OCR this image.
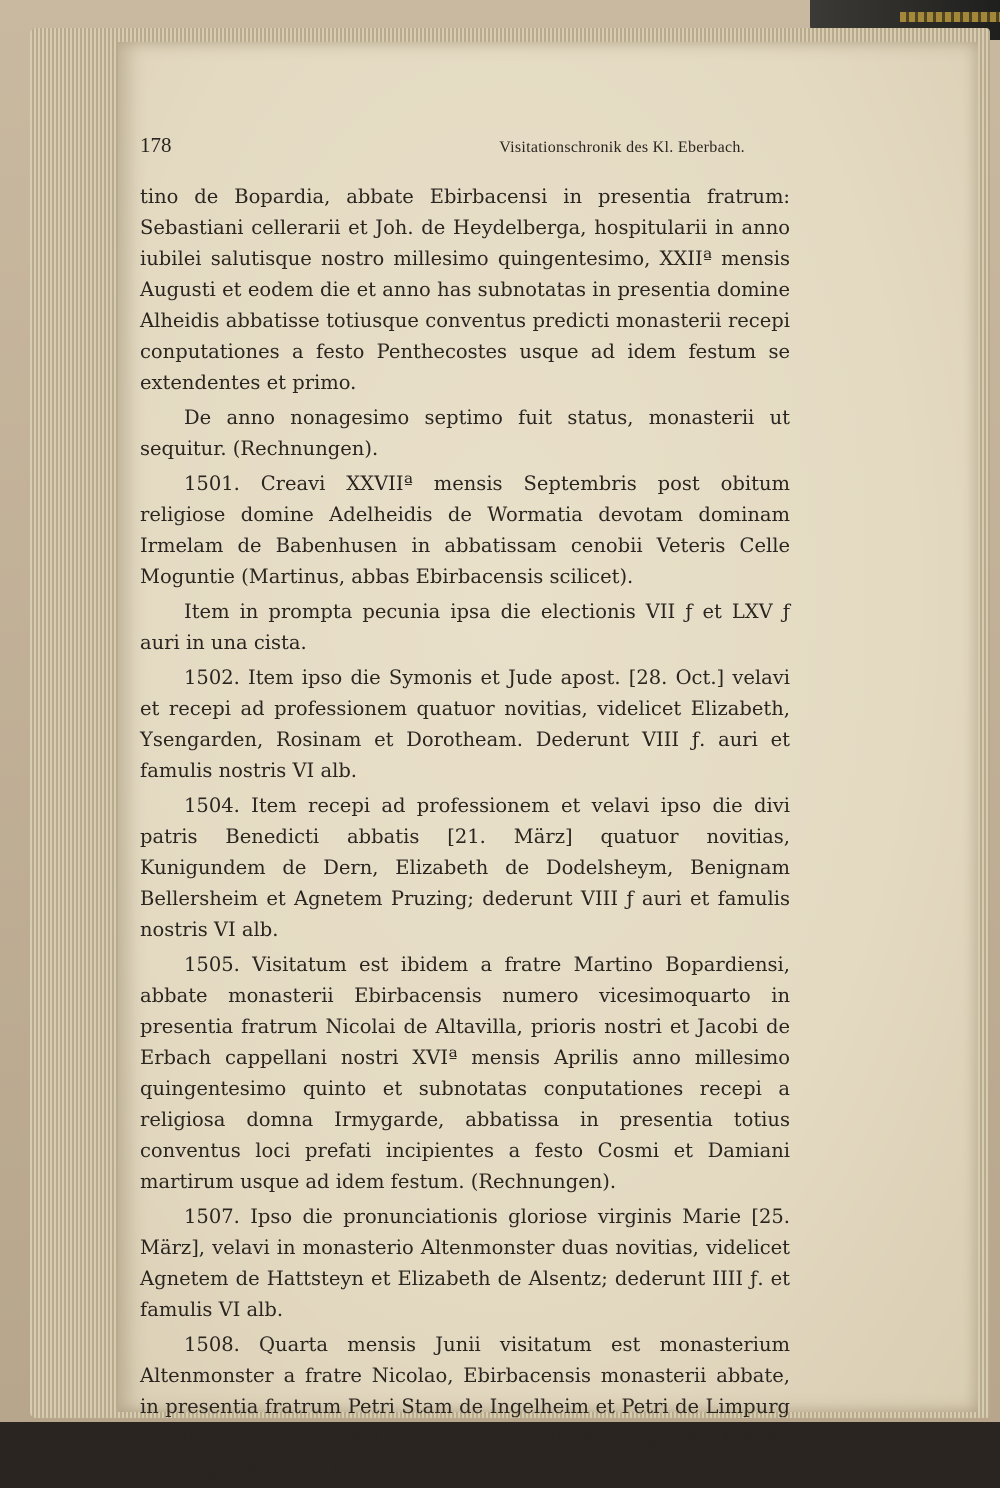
178	Visitationschronik des Kl. Eberbach.

tino de Bopardia, abbate Ebirbacensi in presentia fratrum: Sebastiani cellerarii et Joh. de Heydelberga, hospitularii in anno iubilei salutisque nostro millesimo quingentesimo, XXIIª mensis Augusti et eodem die et anno has subnotatas in presentia domine Alheidis abbatisse totiusque conventus predicti monasterii recepi conputationes a festo Penthecostes usque ad idem festum se extendentes et primo.

De anno nonagesimo septimo fuit status, monasterii ut sequitur. (Rechnungen).

1501. Creavi XXVIIª mensis Septembris post obitum religiose domine Adelheidis de Wormatia devotam dominam Irmelam de Babenhusen in abbatissam cenobii Veteris Celle Moguntie (Martinus, abbas Ebirbacensis scilicet).

Item in prompta pecunia ipsa die electionis VII ƒ et LXV ƒ auri in una cista.

1502. Item ipso die Symonis et Jude apost. [28. Oct.] velavi et recepi ad professionem quatuor novitias, videlicet Elizabeth, Ysengarden, Rosinam et Dorotheam. Dederunt VIII ƒ. auri et famulis nostris VI alb.

1504. Item recepi ad professionem et velavi ipso die divi patris Benedicti abbatis [21. März] quatuor novitias, Kunigundem de Dern, Elizabeth de Dodelsheym, Benignam Bellersheim et Agnetem Pruzing; dederunt VIII ƒ auri et famulis nostris VI alb.

1505. Visitatum est ibidem a fratre Martino Bopardiensi, abbate monasterii Ebirbacensis numero vicesimoquarto in presentia fratrum Nicolai de Altavilla, prioris nostri et Jacobi de Erbach cappellani nostri XVIª mensis Aprilis anno millesimo quingentesimo quinto et subnotatas conputationes recepi a religiosa domna Irmygarde, abbatissa in presentia totius conventus loci prefati incipientes a festo Cosmi et Damiani martirum usque ad idem festum. (Rechnungen).

1507. Ipso die pronunciationis gloriose virginis Marie [25. März], velavi in monasterio Altenmonster duas novitias, videlicet Agnetem de Hattsteyn et Elizabeth de Alsentz; dederunt IIII ƒ. et famulis VI alb.

1508. Quarta mensis Junii visitatum est monasterium Altenmonster a fratre Nicolao, Ebirbacensis monasterii abbate, in presentia fratrum Petri Stam de Ingelheim et Petri de Limpurg et subnotate conputationes facte sunt a religiosa domina Yrmengarde, abbatissa
